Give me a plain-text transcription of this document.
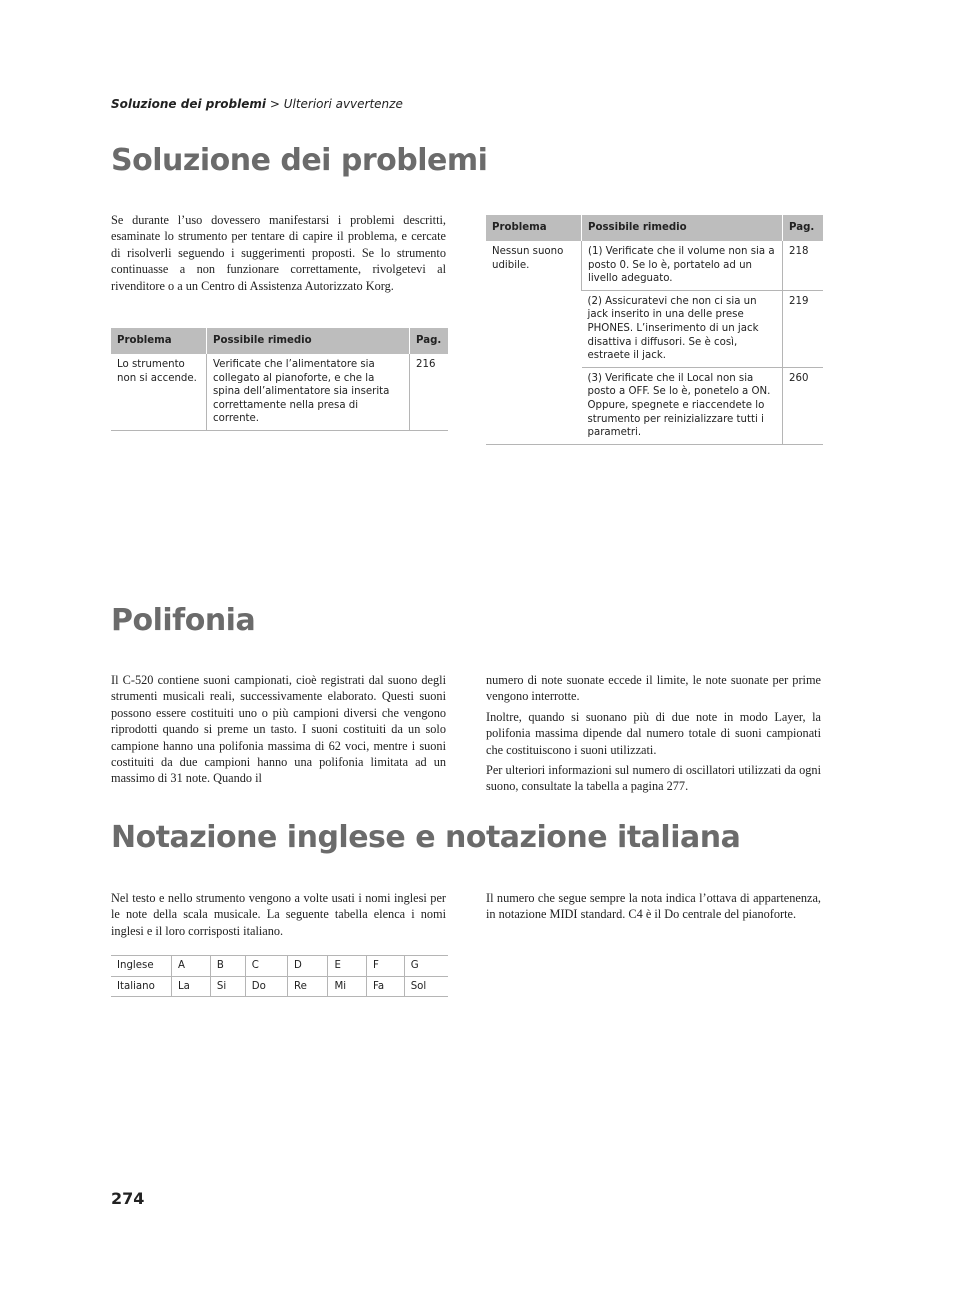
Soluzione dei problemi > Ulteriori avvertenze
Soluzione dei problemi

Se durante l’uso dovessero manifestarsi i problemi descritti, esaminate lo strumento per tentare di capire il problema, e cercate di risolverli seguendo i suggerimenti proposti. Se lo strumento continuasse a non funzionare correttamente, rivolgetevi al rivenditore o a un Centro di Assistenza Autorizzato Korg.

Problema	Possibile rimedio	Pag.
Lo strumento non si accende.	Verificate che l’alimentatore sia collegato al pianoforte, e che la spina dell’alimentatore sia inserita correttamente nella presa di corrente.	216
Problema	Possibile rimedio	Pag.
Nessun suono udibile.	(1) Verificate che il volume non sia a posto 0. Se lo è, portatelo ad un livello adeguato.	218
	(2) Assicuratevi che non ci sia un jack inserito in una delle prese PHONES. L’inserimento di un jack disattiva i diffusori. Se è così, estraete il jack.	219
	(3) Verificate che il Local non sia posto a OFF. Se lo è, ponetelo a ON. Oppure, spegnete e riaccendete lo strumento per reinizializzare tutti i parametri.	260
Polifonia

Il C-520 contiene suoni campionati, cioè registrati dal suono degli strumenti musicali reali, successivamente elaborato. Questi suoni possono essere costituiti uno o più campioni diversi che vengono riprodotti quando si preme un tasto. I suoni costituiti da un solo campione hanno una polifonia massima di 62 voci, mentre i suoni costituiti da due campioni hanno una polifonia limitata ad un massimo di 31 note. Quando il

numero di note suonate eccede il limite, le note suonate per prime vengono interrotte.

Inoltre, quando si suonano più di due note in modo Layer, la polifonia massima dipende dal numero totale di suoni campionati che costituiscono i suoni utilizzati.

Per ulteriori informazioni sul numero di oscillatori utilizzati da ogni suono, consultate la tabella a pagina 277.

Notazione inglese e notazione italiana

Nel testo e nello strumento vengono a volte usati i nomi inglesi per le note della scala musicale. La seguente tabella elenca i nomi inglesi e il loro corrisposti italiano.

Il numero che segue sempre la nota indica l’ottava di appartenenza, in notazione MIDI standard. C4 è il Do centrale del pianoforte.

Inglese	A	B	C	D	E	F	G
Italiano	La	Si	Do	Re	Mi	Fa	Sol
274
